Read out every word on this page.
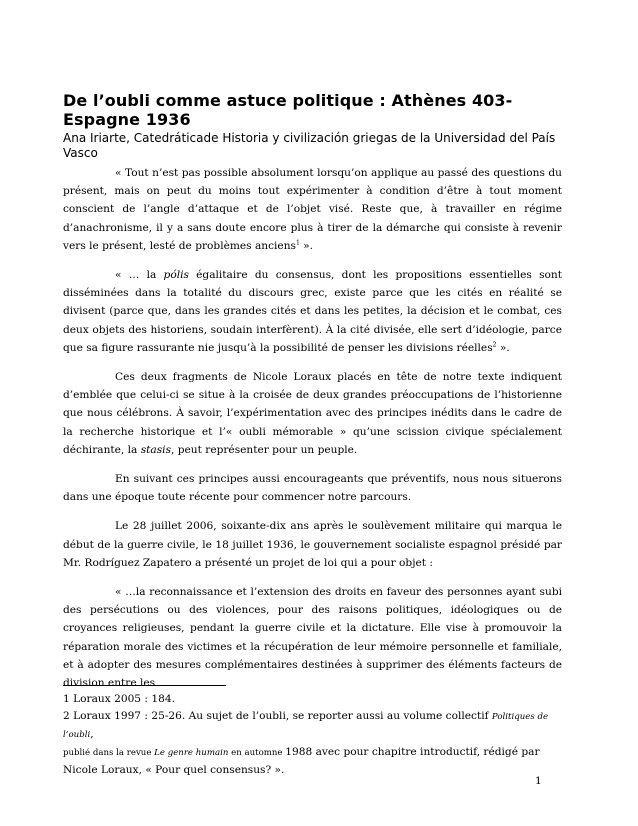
De l’oubli comme astuce politique : Athènes 403- Espagne 1936
Ana Iriarte, Catedráticade Historia y civilización griegas de la Universidad del País Vasco

« Tout n’est pas possible absolument lorsqu’on applique au passé des questions du présent, mais on peut du moins tout expérimenter à condition d’être à tout moment conscient de l’angle d’attaque et de l’objet visé. Reste que, à travailler en régime d’anachronisme, il y a sans doute encore plus à tirer de la démarche qui consiste à revenir vers le présent, lesté de problèmes anciens$^1$ ».

« … la pólis égalitaire du consensus, dont les propositions essentielles sont disséminées dans la totalité du discours grec, existe parce que les cités en réalité se divisent (parce que, dans les grandes cités et dans les petites, la décision et le combat, ces deux objets des historiens, soudain interfèrent). À la cité divisée, elle sert d’idéologie, parce que sa figure rassurante nie jusqu’à la possibilité de penser les divisions réelles$^2$ ».

Ces deux fragments de Nicole Loraux placés en tête de notre texte indiquent d’emblée que celui-ci se situe à la croisée de deux grandes préoccupations de l’historienne que nous célébrons. À savoir, l’expérimentation avec des principes inédits dans le cadre de la recherche historique et l’« oubli mémorable » qu’une scission civique spécialement déchirante, la stasis, peut représenter pour un peuple.

En suivant ces principes aussi encourageants que préventifs, nous nous situerons dans une époque toute récente pour commencer notre parcours.

Le 28 juillet 2006, soixante-dix ans après le soulèvement militaire qui marqua le début de la guerre civile, le 18 juillet 1936, le gouvernement socialiste espagnol présidé par Mr. Rodríguez Zapatero a présenté un projet de loi qui a pour objet :

« …la reconnaissance et l’extension des droits en faveur des personnes ayant subi des persécutions ou des violences, pour des raisons politiques, idéologiques ou de croyances religieuses, pendant la guerre civile et la dictature. Elle vise à promouvoir la réparation morale des victimes et la récupération de leur mémoire personnelle et familiale, et à adopter des mesures complémentaires destinées à supprimer des éléments facteurs de division entre les

1 Loraux 2005 : 184.

2 Loraux 1997 : 25-26. Au sujet de l’oubli, se reporter aussi au volume collectif Politiques de l’oubli,
publié dans la revue Le genre humain en automne 1988 avec pour chapitre introductif, rédigé par Nicole Loraux, « Pour quel consensus? ».

1
